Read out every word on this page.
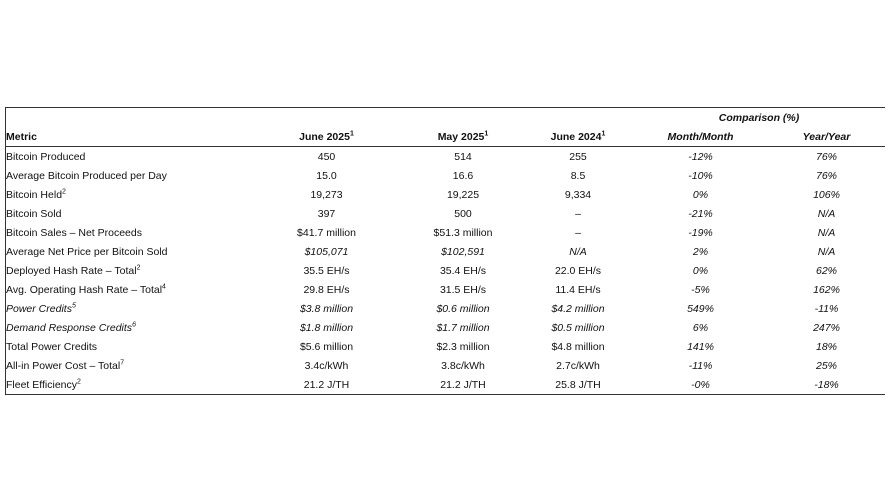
				Comparison (%)	
Metric	June 2025$^1$	May 2025$^1$	June 2024$^1$	Month/Month	Year/Year
Bitcoin Produced	450	514	255	-12%	76%
Average Bitcoin Produced per Day	15.0	16.6	8.5	-10%	76%
Bitcoin Held$^2$	19,273	19,225	9,334	0%	106%
Bitcoin Sold	397	500	–	-21%	N/A
Bitcoin Sales – Net Proceeds	$41.7 million	$51.3 million	–	-19%	N/A
Average Net Price per Bitcoin Sold	$105,071	$102,591	N/A	2%	N/A
Deployed Hash Rate – Total$^2$	35.5 EH/s	35.4 EH/s	22.0 EH/s	0%	62%
Avg. Operating Hash Rate – Total$^4$	29.8 EH/s	31.5 EH/s	11.4 EH/s	-5%	162%
Power Credits$^5$	$3.8 million	$0.6 million	$4.2 million	549%	-11%
Demand Response Credits$^6$	$1.8 million	$1.7 million	$0.5 million	6%	247%
Total Power Credits	$5.6 million	$2.3 million	$4.8 million	141%	18%
All-in Power Cost – Total$^7$	3.4c/kWh	3.8c/kWh	2.7c/kWh	-11%	25%
Fleet Efficiency$^2$	21.2 J/TH	21.2 J/TH	25.8 J/TH	-0%	-18%
